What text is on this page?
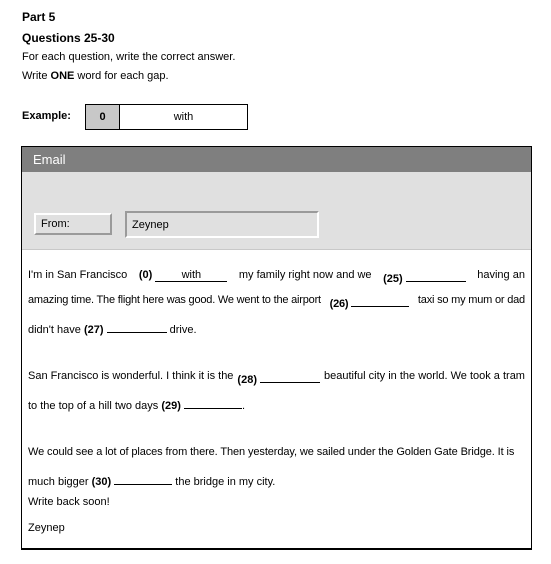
Part 5
Questions 25-30
For each question, write the correct answer.
Write ONE word for each gap.
Example:	0	with
Email
From:	Zeynep
I'm in San Francisco (0)	with	my family right now and we (25)	having an
amazing time. The flight here was good. We went to the airport (26)	taxi so my mum or dad
didn't have (27)	drive.
San Francisco is wonderful. I think it is the (28)	beautiful city in the world. We took a tram
to the top of a hill two days (29)	.
We could see a lot of places from there. Then yesterday, we sailed under the Golden Gate Bridge. It is
much bigger (30)	the bridge in my city.
Write back soon!
Zeynep
